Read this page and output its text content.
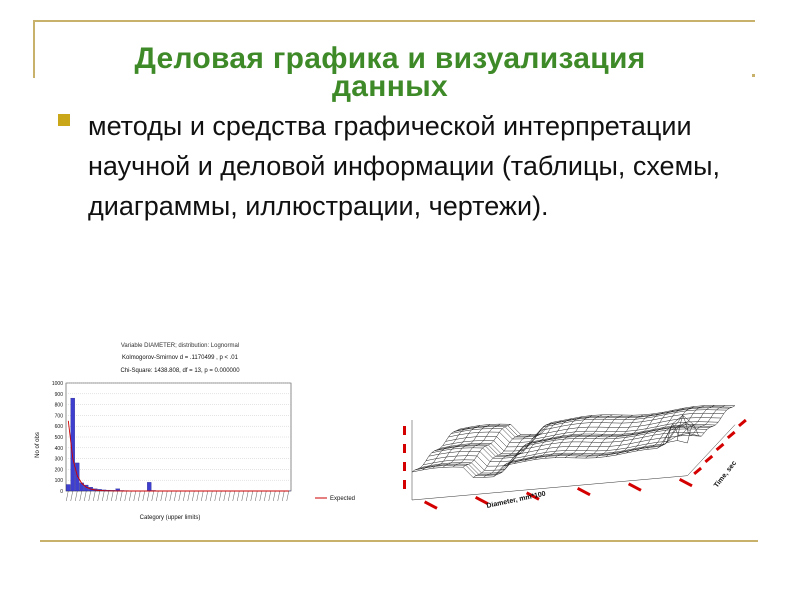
Деловая графика и визуализация
данных
методы и средства графической интерпретации научной и деловой информации (таблицы, схемы, диаграммы, иллюстрации, чертежи).
Variable DIAMETER; distribution: Lognormal
Kolmogorov-Smirnov d = .1170499 , p < .01
Chi-Square: 1438.808, df = 13, p = 0.000000
No of obs
Category (upper limits)
Expected
0
100
200
300
400
500
600
700
800
900
1000
Diameter, mm*100
Time, sec
